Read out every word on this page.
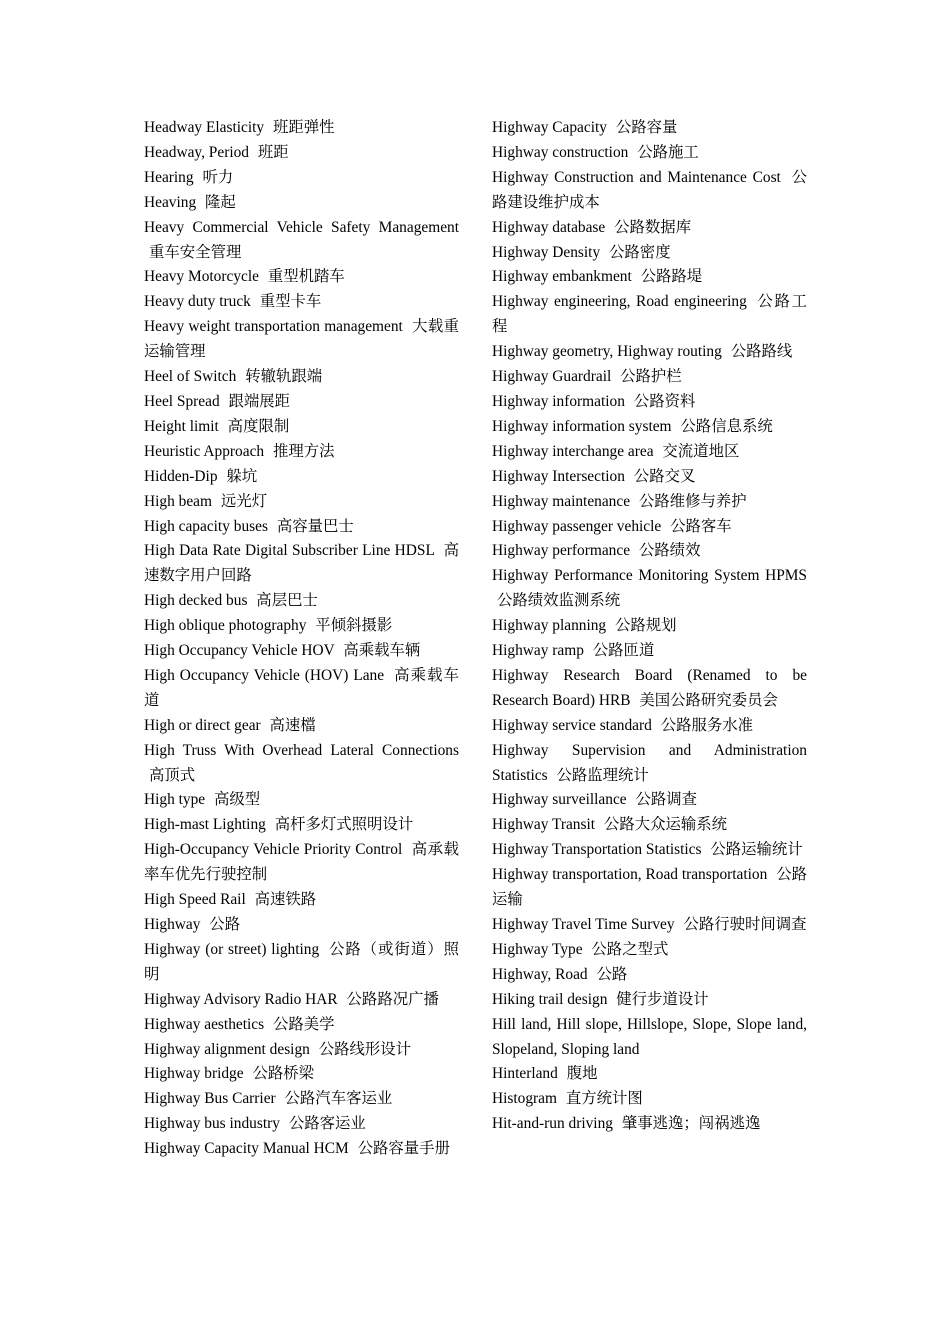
Headway Elasticity 班距弹性

Headway, Period 班距

Hearing 听力

Heaving 隆起

Heavy Commercial Vehicle Safety Management 重车安全管理

Heavy Motorcycle 重型机踏车

Heavy duty truck 重型卡车

Heavy weight transportation management 大载重运输管理

Heel of Switch 转辙轨跟端

Heel Spread 跟端展距

Height limit 高度限制

Heuristic Approach 推理方法

Hidden-Dip 躲坑

High beam 远光灯

High capacity buses 高容量巴士

High Data Rate Digital Subscriber Line HDSL 高速数字用户回路

High decked bus 高层巴士

High oblique photography 平倾斜摄影

High Occupancy Vehicle HOV 高乘载车辆

High Occupancy Vehicle (HOV) Lane 高乘载车道

High or direct gear 高速檔

High Truss With Overhead Lateral Connections 高顶式

High type 高级型

High-mast Lighting 高杆多灯式照明设计

High-Occupancy Vehicle Priority Control 高承载率车优先行驶控制

High Speed Rail 高速铁路

Highway 公路

Highway (or street) lighting 公路（或街道）照明

Highway Advisory Radio HAR 公路路况广播

Highway aesthetics 公路美学

Highway alignment design 公路线形设计

Highway bridge 公路桥梁

Highway Bus Carrier 公路汽车客运业

Highway bus industry 公路客运业

Highway Capacity Manual HCM 公路容量手册

Highway Capacity 公路容量

Highway construction 公路施工

Highway Construction and Maintenance Cost 公路建设维护成本

Highway database 公路数据库

Highway Density 公路密度

Highway embankment 公路路堤

Highway engineering, Road engineering 公路工程

Highway geometry, Highway routing 公路路线

Highway Guardrail 公路护栏

Highway information 公路资料

Highway information system 公路信息系统

Highway interchange area 交流道地区

Highway Intersection 公路交叉

Highway maintenance 公路维修与养护

Highway passenger vehicle 公路客车

Highway performance 公路绩效

Highway Performance Monitoring System HPMS 公路绩效监测系统

Highway planning 公路规划

Highway ramp 公路匝道

Highway Research Board (Renamed to be Research Board) HRB 美国公路研究委员会

Highway service standard 公路服务水准

Highway Supervision and Administration Statistics 公路监理统计

Highway surveillance 公路调查

Highway Transit 公路大众运输系统

Highway Transportation Statistics 公路运输统计

Highway transportation, Road transportation 公路运输

Highway Travel Time Survey 公路行驶时间调查

Highway Type 公路之型式

Highway, Road 公路

Hiking trail design 健行步道设计

Hill land, Hill slope, Hillslope, Slope, Slope land, Slopeland, Sloping land

Hinterland 腹地

Histogram 直方统计图

Hit-and-run driving 肇事逃逸；闯祸逃逸
